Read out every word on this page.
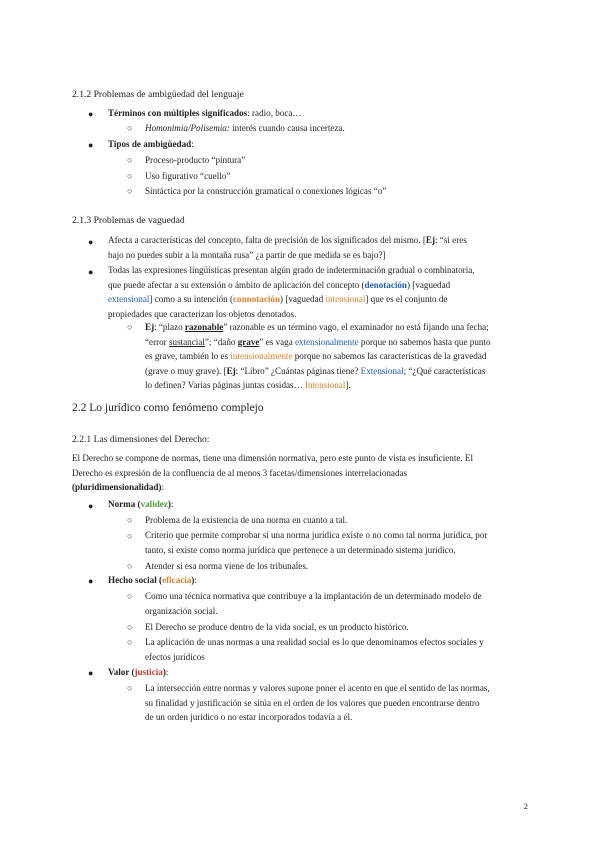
2.1.2 Problemas de ambigüedad del lenguaje
● Términos con múltiples significados: radio, boca…
○ Homonimia/Polisemia: interés cuando causa incerteza.
● Tipos de ambigüedad:
○ Proceso-producto “pintura”
○ Uso figurativo “cuello”
○ Sintáctica por la construcción gramatical o conexiones lógicas “o”
2.1.3 Problemas de vaguedad
● Afecta a características del concepto, falta de precisión de los significados del mismo. [Ej: “si eres
bajo no puedes subir a la montaña rusa” ¿a partir de que medida se es bajo?]
● Todas las expresiones lingüísticas presentan algún grado de indeterminación gradual o combinatoria,
que puede afectar a su extensión o ámbito de aplicación del concepto (denotación) [vaguedad
extensional] como a su intención (connotación) [vaguedad intensional] que es el conjunto de
propiedades que caracterizan los objetos denotados.
○ Ej: “plazo razonable” razonable es un término vago, el examinador no está fijando una fecha;
“error sustancial”; “daño grave” es vaga extensionalmente porque no sabemos hasta que punto
es grave, también lo es intensionalmente porque no sabemos las características de la gravedad
(grave o muy grave). [Ej: “Libro” ¿Cuántas páginas tiene? Extensional; “¿Qué características
lo definen? Varias páginas juntas cosidas… Intensional].
2.2 Lo jurídico como fenómeno complejo
2.2.1 Las dimensiones del Derecho:
El Derecho se compone de normas, tiene una dimensión normativa, pero este punto de vista es insuficiente. El
Derecho es expresión de la confluencia de al menos 3 facetas/dimensiones interrelacionadas
(pluridimensionalidad):
● Norma (validez):
○ Problema de la existencia de una norma en cuanto a tal.
○ Criterio que permite comprobar si una norma jurídica existe o no como tal norma jurídica, por
tanto, si existe como norma jurídica que pertenece a un determinado sistema jurídico.
○ Atender si esa norma viene de los tribunales.
● Hecho social (eficacia):
○ Como una técnica normativa que contribuye a la implantación de un determinado modelo de
organización social.
○ El Derecho se produce dentro de la vida social, es un producto histórico.
○ La aplicación de unas normas a una realidad social es lo que denominamos efectos sociales y
efectos jurídicos
● Valor (justicia):
○ La intersección entre normas y valores supone poner el acento en que el sentido de las normas,
su finalidad y justificación se sitúa en el orden de los valores que pueden encontrarse dentro
de un orden jurídico o no estar incorporados todavía a él.
2
